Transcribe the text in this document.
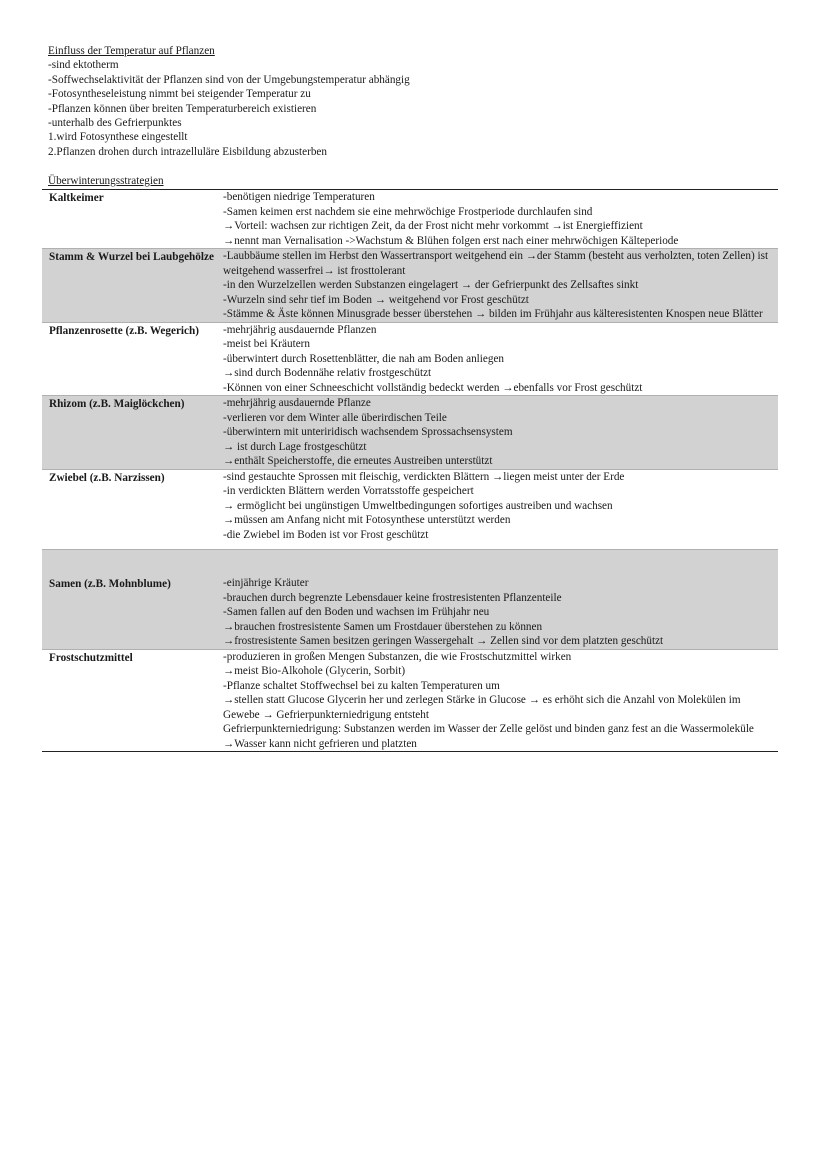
Einfluss der Temperatur auf Pflanzen
-sind ektotherm
-Soffwechselaktivität der Pflanzen sind von der Umgebungstemperatur abhängig
-Fotosyntheseleistung nimmt bei steigender Temperatur zu
-Pflanzen können über breiten Temperaturbereich existieren
-unterhalb des Gefrierpunktes
1.wird Fotosynthese eingestellt
2.Pflanzen drohen durch intrazelluläre Eisbildung abzusterben
Überwinterungsstrategien
Kaltkeimer	-benötigen niedrige Temperaturen
-Samen keimen erst nachdem sie eine mehrwöchige Frostperiode durchlaufen sind
→Vorteil: wachsen zur richtigen Zeit, da der Frost nicht mehr vorkommt →ist Energieffizient
→nennt man Vernalisation ->Wachstum & Blühen folgen erst nach einer mehrwöchigen Kälteperiode
Stamm & Wurzel bei Laubgehölze -Laubbäume stellen im Herbst den Wassertransport weitgehend ein →der Stamm (besteht aus verholzten, toten Zellen) ist weitgehend wasserfrei→ ist frosttolerant
-in den Wurzelzellen werden Substanzen eingelagert → der Gefrierpunkt des Zellsaftes sinkt
-Wurzeln sind sehr tief im Boden → weitgehend vor Frost geschützt
-Stämme & Äste können Minusgrade besser überstehen → bilden im Frühjahr aus kälteresistenten Knospen neue Blätter
Pflanzenrosette (z.B. Wegerich)	-mehrjährig ausdauernde Pflanzen
-meist bei Kräutern
-überwintert durch Rosettenblätter, die nah am Boden anliegen
→sind durch Bodennähe relativ frostgeschützt
-Können von einer Schneeschicht vollständig bedeckt werden →ebenfalls vor Frost geschützt
Rhizom (z.B. Maiglöckchen)	-mehrjährig ausdauernde Pflanze
-verlieren vor dem Winter alle überirdischen Teile
-überwintern mit unteriridisch wachsendem Sprossachsensystem
→ ist durch Lage frostgeschützt
→enthält Speicherstoffe, die erneutes Austreiben unterstützt
Zwiebel (z.B. Narzissen)	-sind gestauchte Sprossen mit fleischig, verdickten Blättern →liegen meist unter der Erde
-in verdickten Blättern werden Vorratsstoffe gespeichert
→ ermöglicht bei ungünstigen Umweltbedingungen sofortiges austreiben und wachsen
→müssen am Anfang nicht mit Fotosynthese unterstützt werden
-die Zwiebel im Boden ist vor Frost geschützt
Samen (z.B. Mohnblume)	-einjährige Kräuter
-brauchen durch begrenzte Lebensdauer keine frostresistenten Pflanzenteile
-Samen fallen auf den Boden und wachsen im Frühjahr neu
→brauchen frostresistente Samen um Frostdauer überstehen zu können
→frostresistente Samen besitzen geringen Wassergehalt → Zellen sind vor dem platzten geschützt
Frostschutzmittel	-produzieren in großen Mengen Substanzen, die wie Frostschutzmittel wirken
→meist Bio-Alkohole (Glycerin, Sorbit)
-Pflanze schaltet Stoffwechsel bei zu kalten Temperaturen um
→stellen statt Glucose Glycerin her und zerlegen Stärke in Glucose → es erhöht sich die Anzahl von Molekülen im Gewebe → Gefrierpunkterniedrigung entsteht
Gefrierpunkterniedrigung: Substanzen werden im Wasser der Zelle gelöst und binden ganz fest an die Wassermoleküle →Wasser kann nicht gefrieren und platzten
